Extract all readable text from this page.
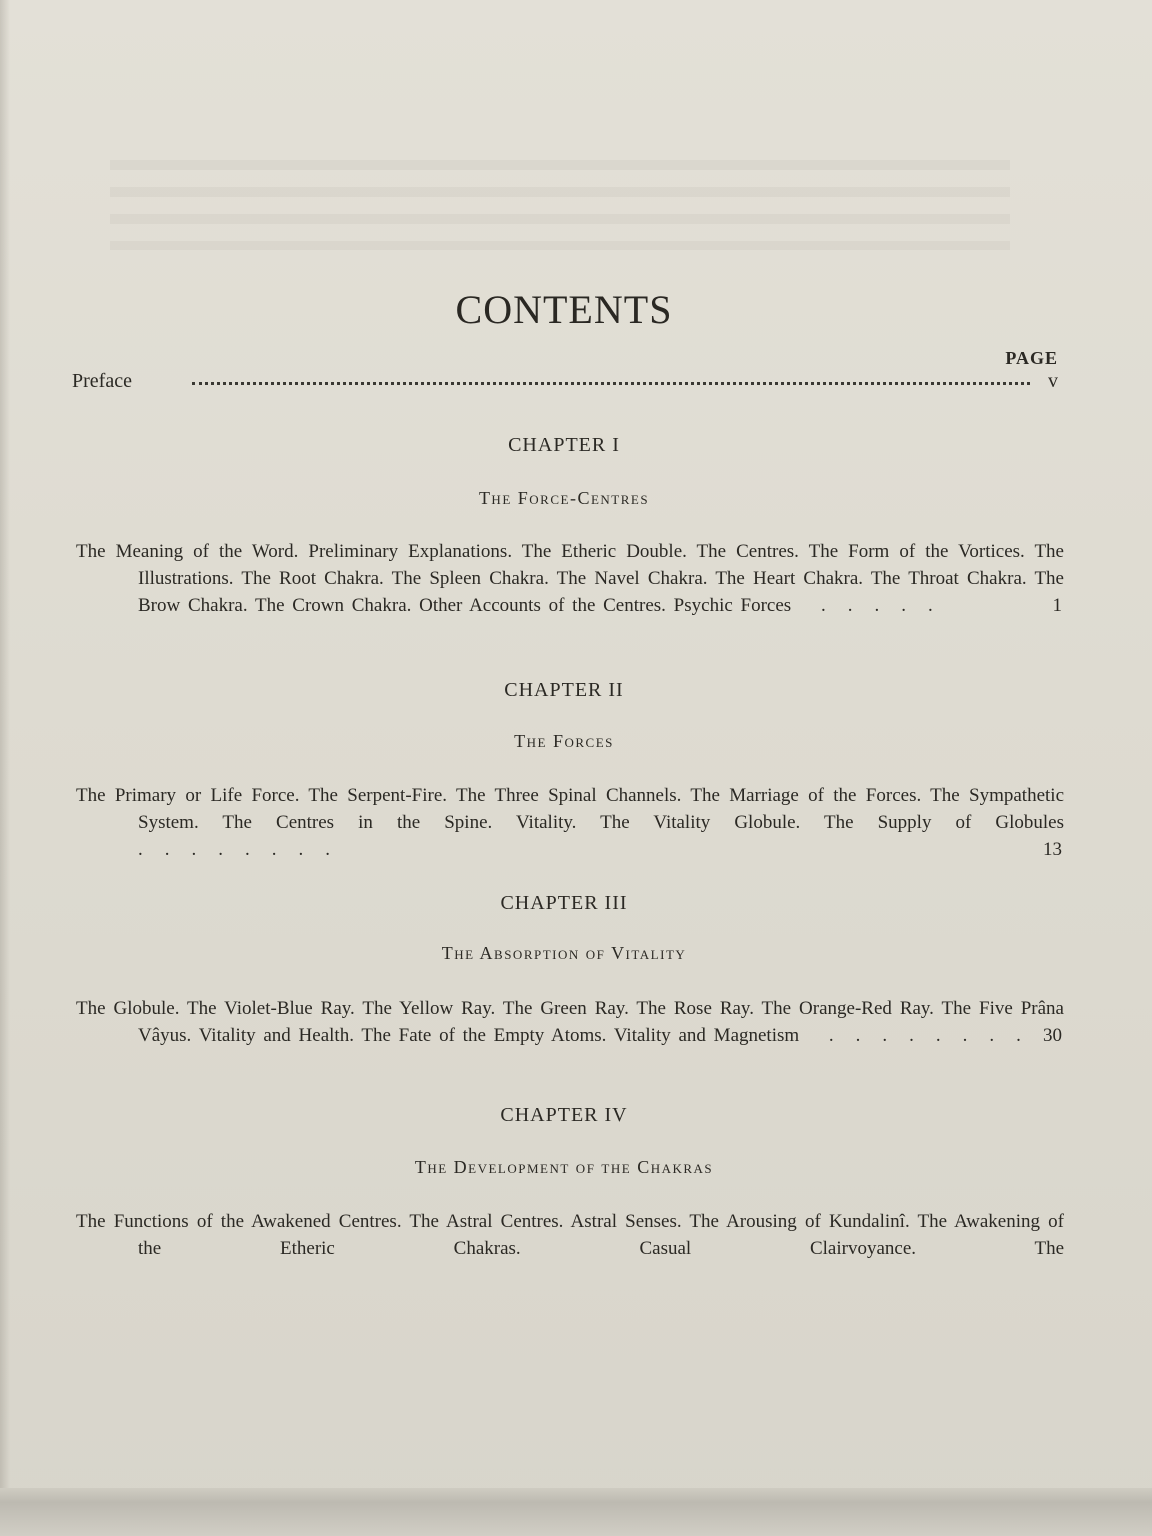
CONTENTS
PAGE
Preface	v
CHAPTER I
The Force-Centres
The Meaning of the Word. Preliminary Explanations. The Etheric Double. The Centres. The Form of the Vortices. The Illustrations. The Root Chakra. The Spleen Chakra. The Navel Chakra. The Heart Chakra. The Throat Chakra. The Brow Chakra. The Crown Chakra. Other Accounts of the Centres. Psychic Forces .....	1
CHAPTER II
The Forces
The Primary or Life Force. The Serpent-Fire. The Three Spinal Channels. The Marriage of the Forces. The Sympathetic System. The Centres in the Spine. Vitality. The Vitality Globule. The Supply of Globules ........	13
CHAPTER III
The Absorption of Vitality
The Globule. The Violet-Blue Ray. The Yellow Ray. The Green Ray. The Rose Ray. The Orange-Red Ray. The Five Prâna Vâyus. Vitality and Health. The Fate of the Empty Atoms. Vitality and Magnetism ........ 30
CHAPTER IV
The Development of the Chakras
The Functions of the Awakened Centres. The Astral Centres. Astral Senses. The Arousing of Kundalinî. The Awakening of the Etheric Chakras. Casual Clairvoyance. The
